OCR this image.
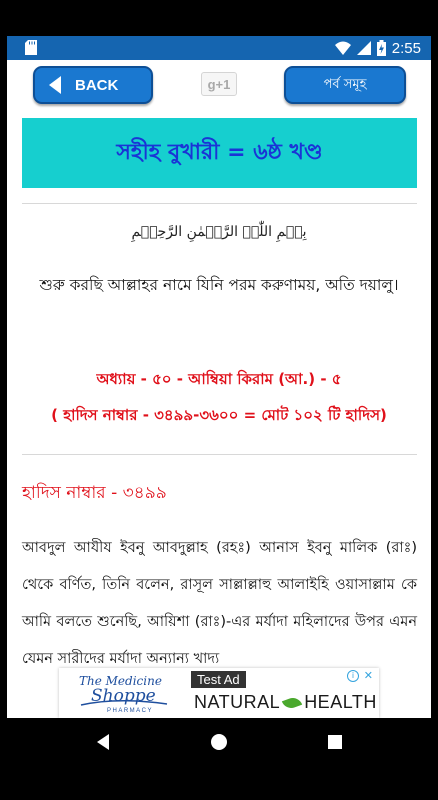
2:55
BACK	g+1	পর্ব সমূহ
সহীহ বুখারী = ৬ষ্ঠ খণ্ড
بِسۡمِ اللّٰہِ الرَّحۡمٰنِ الرَّحِیۡمِ
শুরু করছি আল্লাহর নামে যিনি পরম করুণাময়, অতি দয়ালু।
অধ্যায় - ৫০ - আম্বিয়া কিরাম (আ.) - ৫
( হাদিস নাম্বার - ৩৪৯৯-৩৬০০ = মোট ১০২ টি হাদিস)
হাদিস নাম্বার - ৩৪৯৯
আবদুল আযীয ইবনু আবদুল্লাহ (রহঃ) আনাস ইবনু মালিক (রাঃ) থেকে বর্ণিত, তিনি বলেন, রাসূল সাল্লাল্লাহু আলাইহি ওয়াসাল্লাম কে আমি বলতে শুনেছি, আয়িশা (রাঃ)-এর মর্যাদা মহিলাদের উপর এমন যেমন সারীদের মর্যাদা অন্যান্য খাদ্য
The Medicine
Shoppe
PHARMACY
Test Ad
NATURAL HEALTH
i ✕
